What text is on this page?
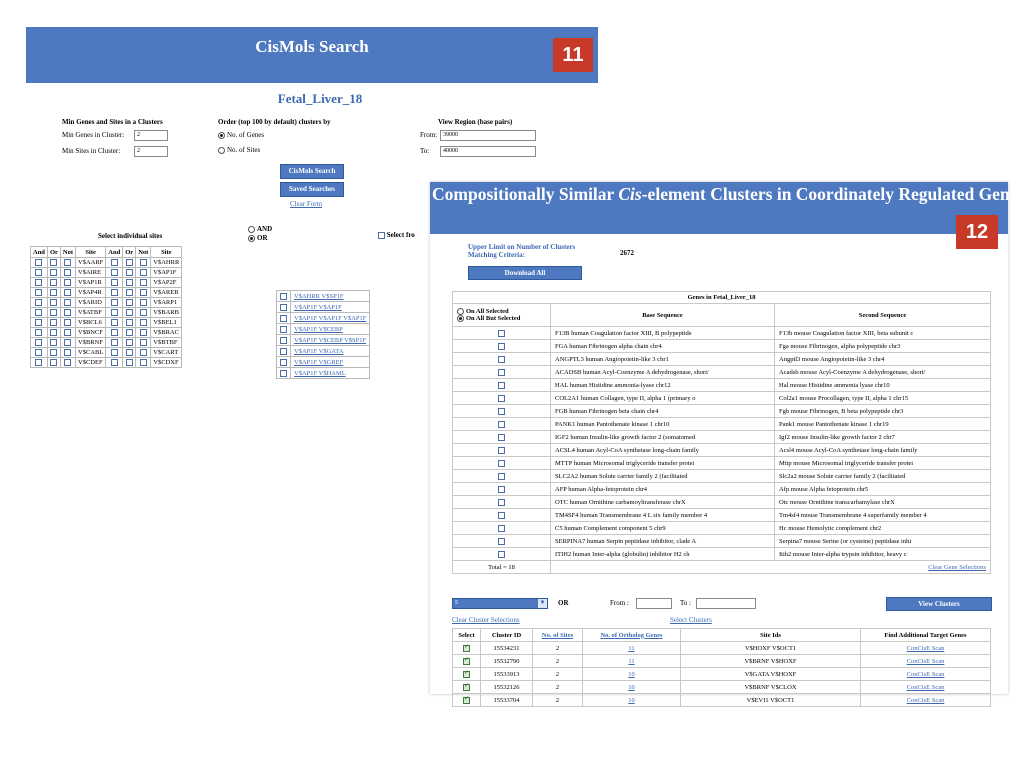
CisMols Search	11
Fetal_Liver_18
Min Genes and Sites in a Clusters
Min Genes in Cluster:	2
Min Sites in Cluster:	2
Order (top 100 by default) clusters by
No. of Genes
No. of Sites
View Region (base pairs)
From: 39000
To:	40000
CisMols Search
Saved Searches
Clear Form
Select individual sites
AND
OR	Select fro
And	Or	Not	Site	And	Or	Not	Site
			V$AARF				V$AHRR
			V$AIRE				V$AP1F
			V$AP1R				V$AP2F
			V$AP4R				V$AREB
			V$ARID				V$ARP1
			V$ATBF				V$BARB
			V$BCL6				V$BEL1
			V$BNCF				V$BRAC
			V$BRNF				V$BTBF
			V$CABL				V$CART
			V$CDEF				V$CDXF
	V$AHRR V$SP1F
	V$AP1F V$AP1F
	V$AP1F V$AP1F V$AP1F
	V$AP1F V$CEBP
	V$AP1F V$CEBP V$SP1F
	V$AP1F V$GATA
	V$AP1F V$GREF
	V$AP1F V$HAML
Compositionally Similar Cis-element Clusters in Coordinately Regulated Genes
12
Upper Limit on Number of Clusters
Matching Criteria:	2672
Download All
Genes in Fetal_Liver_18		

On All Selected
On All But Selected	Base Sequence	Second Sequence
	F13B human Coagulation factor XIII, B polypeptide	F13b mouse Coagulation factor XIII, beta subunit c
	FGA human Fibrinogen alpha chain chr4	Fga mouse Fibrinogen, alpha polypeptide chr3
	ANGPTL3 human Angiopoietin-like 3 chr1	Angptl3 mouse Angiopoietin-like 3 chr4
	ACADSB human Acyl-Coenzyme A dehydrogenase, short/	Acadsb mouse Acyl-Coenzyme A dehydrogenase, short/
	HAL human Histidine ammonia-lyase chr12	Hal mouse Histidine ammonia lyase chr10
	COL2A1 human Collagen, type II, alpha 1 (primary o	Col2a1 mouse Procollagen, type II, alpha 1 chr15
	FGB human Fibrinogen beta chain chr4	Fgb mouse Fibrinogen, B beta polypeptide chr3
	PANK1 human Pantothenate kinase 1 chr10	Pank1 mouse Pantothenate kinase 1 chr19
	IGF2 human Insulin-like growth factor 2 (somatomed	Igf2 mouse Insulin-like growth factor 2 chr7
	ACSL4 human Acyl-CoA synthetase long-chain family	Acsl4 mouse Acyl-CoA synthetase long-chain family
	MTTP human Microsomal triglyceride transfer protei	Mttp mouse Microsomal triglyceride transfer protei
	SLC2A2 human Solute carrier family 2 (facilitated	Slc2a2 mouse Solute carrier family 2 (facilitated
	AFP human Alpha-fetoprotein chr4	Afp mouse Alpha fetoprotein chr5
	OTC human Ornithine carbamoyltransferase chrX	Otc mouse Ornithine transcarbamylase chrX
	TM4SF4 human Transmembrane 4 L six family member 4	Tm4sf4 mouse Transmembrane 4 superfamily member 4
	C5 human Complement component 5 chr9	Hc mouse Hemolytic complement chr2
	SERPINA7 human Serpin peptidase inhibitor, clade A	Serpina7 mouse Serine (or cysteine) peptidase inhi
	ITIH2 human Inter-alpha (globulin) inhibitor H2 ch	Itih2 mouse Inter-alpha trypsin inhibitor, heavy c
Total = 18	Clear Gene Selections	
5	▼ OR	From :	To :	View Clusters
Clear Cluster Selections	Select Clusters
Select	Cluster ID	No. of Sites	No. of Ortholog Genes	Site Ids	Find Additional Target Genes
✓	15534231	2	11	V$HOXF V$OCT1	ConCisE Scan
✓	15532790	2	11	V$BRNF V$HOXF	ConCisE Scan
✓	15533913	2	10	V$GATA V$HOXF	ConCisE Scan
✓	15532126	2	10	V$BRNF V$CLOX	ConCisE Scan
✓	15533704	2	10	V$EVI1 V$OCT1	ConCisE Scan
